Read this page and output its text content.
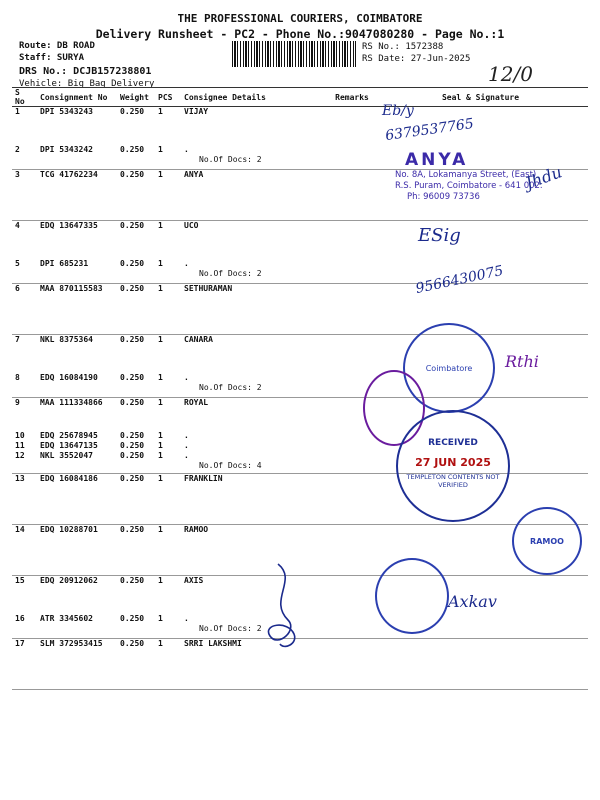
THE PROFESSIONAL COURIERS, COIMBATORE
Delivery Runsheet - PC2 - Phone No.:9047080280 - Page No.:1
Route: DB ROAD
Staff: SURYA
DRS No.: DCJB157238801
Vehicle: Big Bag Delivery
RS No.: 1572388
RS Date: 27-Jun-2025
12/0
S No	Consignment No	Weight	PCS	Consignee Details	Remarks	Seal & Signature
1	DPI 5343243	0.250	1	VIJAY		
2	DPI 5343242	0.250	1	.
No.Of Docs: 2		

3	TCG 41762234	0.250	1	ANYA		
4	EDQ 13647335	0.250	1	UCO		
5	DPI 685231	0.250	1	.
No.Of Docs: 2		

6	MAA 870115583	0.250	1	SETHURAMAN		
7	NKL 8375364	0.250	1	CANARA		
8	EDQ 16084190	0.250	1	.
No.Of Docs: 2		

9	MAA 111334866	0.250	1	ROYAL		
10	EDQ 25678945	0.250	1	.		
11	EDQ 13647135	0.250	1	.		
12	NKL 3552047	0.250	1	.
No.Of Docs: 4		

13	EDQ 16084186	0.250	1	FRANKLIN		
14	EDQ 10288701	0.250	1	RAMOO		
15	EDQ 20912062	0.250	1	AXIS		
16	ATR 3345602	0.250	1	.
No.Of Docs: 2		

17	SLM 372953415	0.250	1	SRRI LAKSHMI		
Eb/y
6379537765
ANYA
No. 8A, Lokamanya Street, (East)
R.S. Puram, Coimbatore - 641 002.
Ph: 96009 73736
Jhdu
ESig
9566430075
Coimbatore Rthi
RECEIVED
27 JUN 2025
TEMPLETON CONTENTS NOT VERIFIED
RAMOO
Axkav
